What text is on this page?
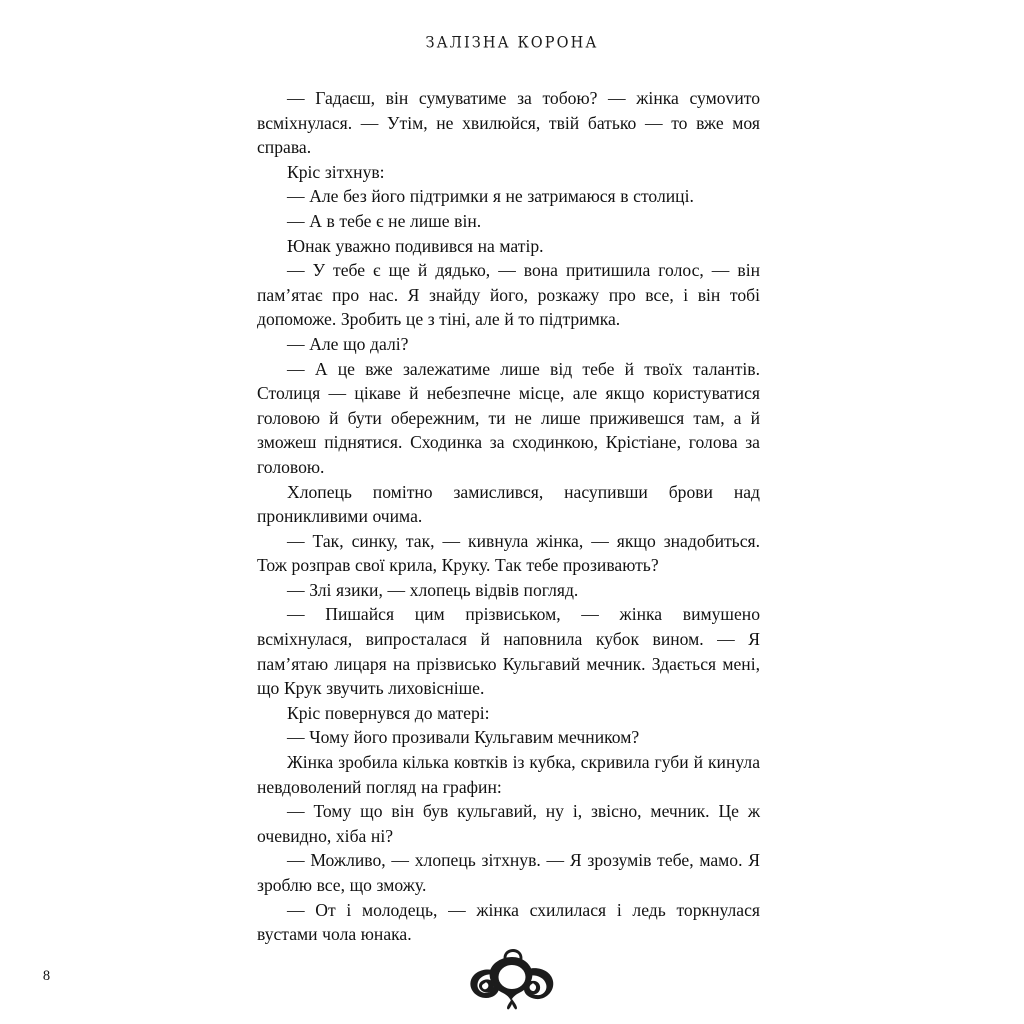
ЗАЛІЗНА КОРОНА

— Гадаєш, він сумуватиме за тобою? — жінка сумоvито всміхнулася. — Утім, не хвилюйся, твій батько — то вже моя справа.

Кріс зітхнув:

— Але без його підтримки я не затримаюся в столиці.

— А в тебе є не лише він.

Юнак уважно подивився на матір.

— У тебе є ще й дядько, — вона притишила голос, — він пам’ятає про нас. Я знайду його, розкажу про все, і він тобі допоможе. Зробить це з тіні, але й то підтримка.

— Але що далі?

— А це вже залежатиме лише від тебе й твоїх талантів. Столиця — цікаве й небезпечне місце, але якщо користуватися головою й бути обережним, ти не лише приживешся там, а й зможеш піднятися. Сходинка за сходинкою, Крістіане, голова за головою.

Хлопець помітно замислився, насупивши брови над проникливими очима.

— Так, синку, так, — кивнула жінка, — якщо знадобиться. Тож розправ свої крила, Круку. Так тебе прозивають?

— Злі язики, — хлопець відвів погляд.

— Пишайся цим прізвиськом, — жінка вимушено всміхнулася, випросталася й наповнила кубок вином. — Я пам’ятаю лицаря на прізвисько Кульгавий мечник. Здається мені, що Крук звучить лиховісніше.

Кріс повернувся до матері:

— Чому його прозивали Кульгавим мечником?

Жінка зробила кілька ковтків із кубка, скривила губи й кинула невдоволений погляд на графин:

— Тому що він був кульгавий, ну і, звісно, мечник. Це ж очевидно, хіба ні?

— Можливо, — хлопець зітхнув. — Я зрозумів тебе, мамо. Я зроблю все, що зможу.

— От і молодець, — жінка схилилася і ледь торкнулася вустами чола юнака.

8
